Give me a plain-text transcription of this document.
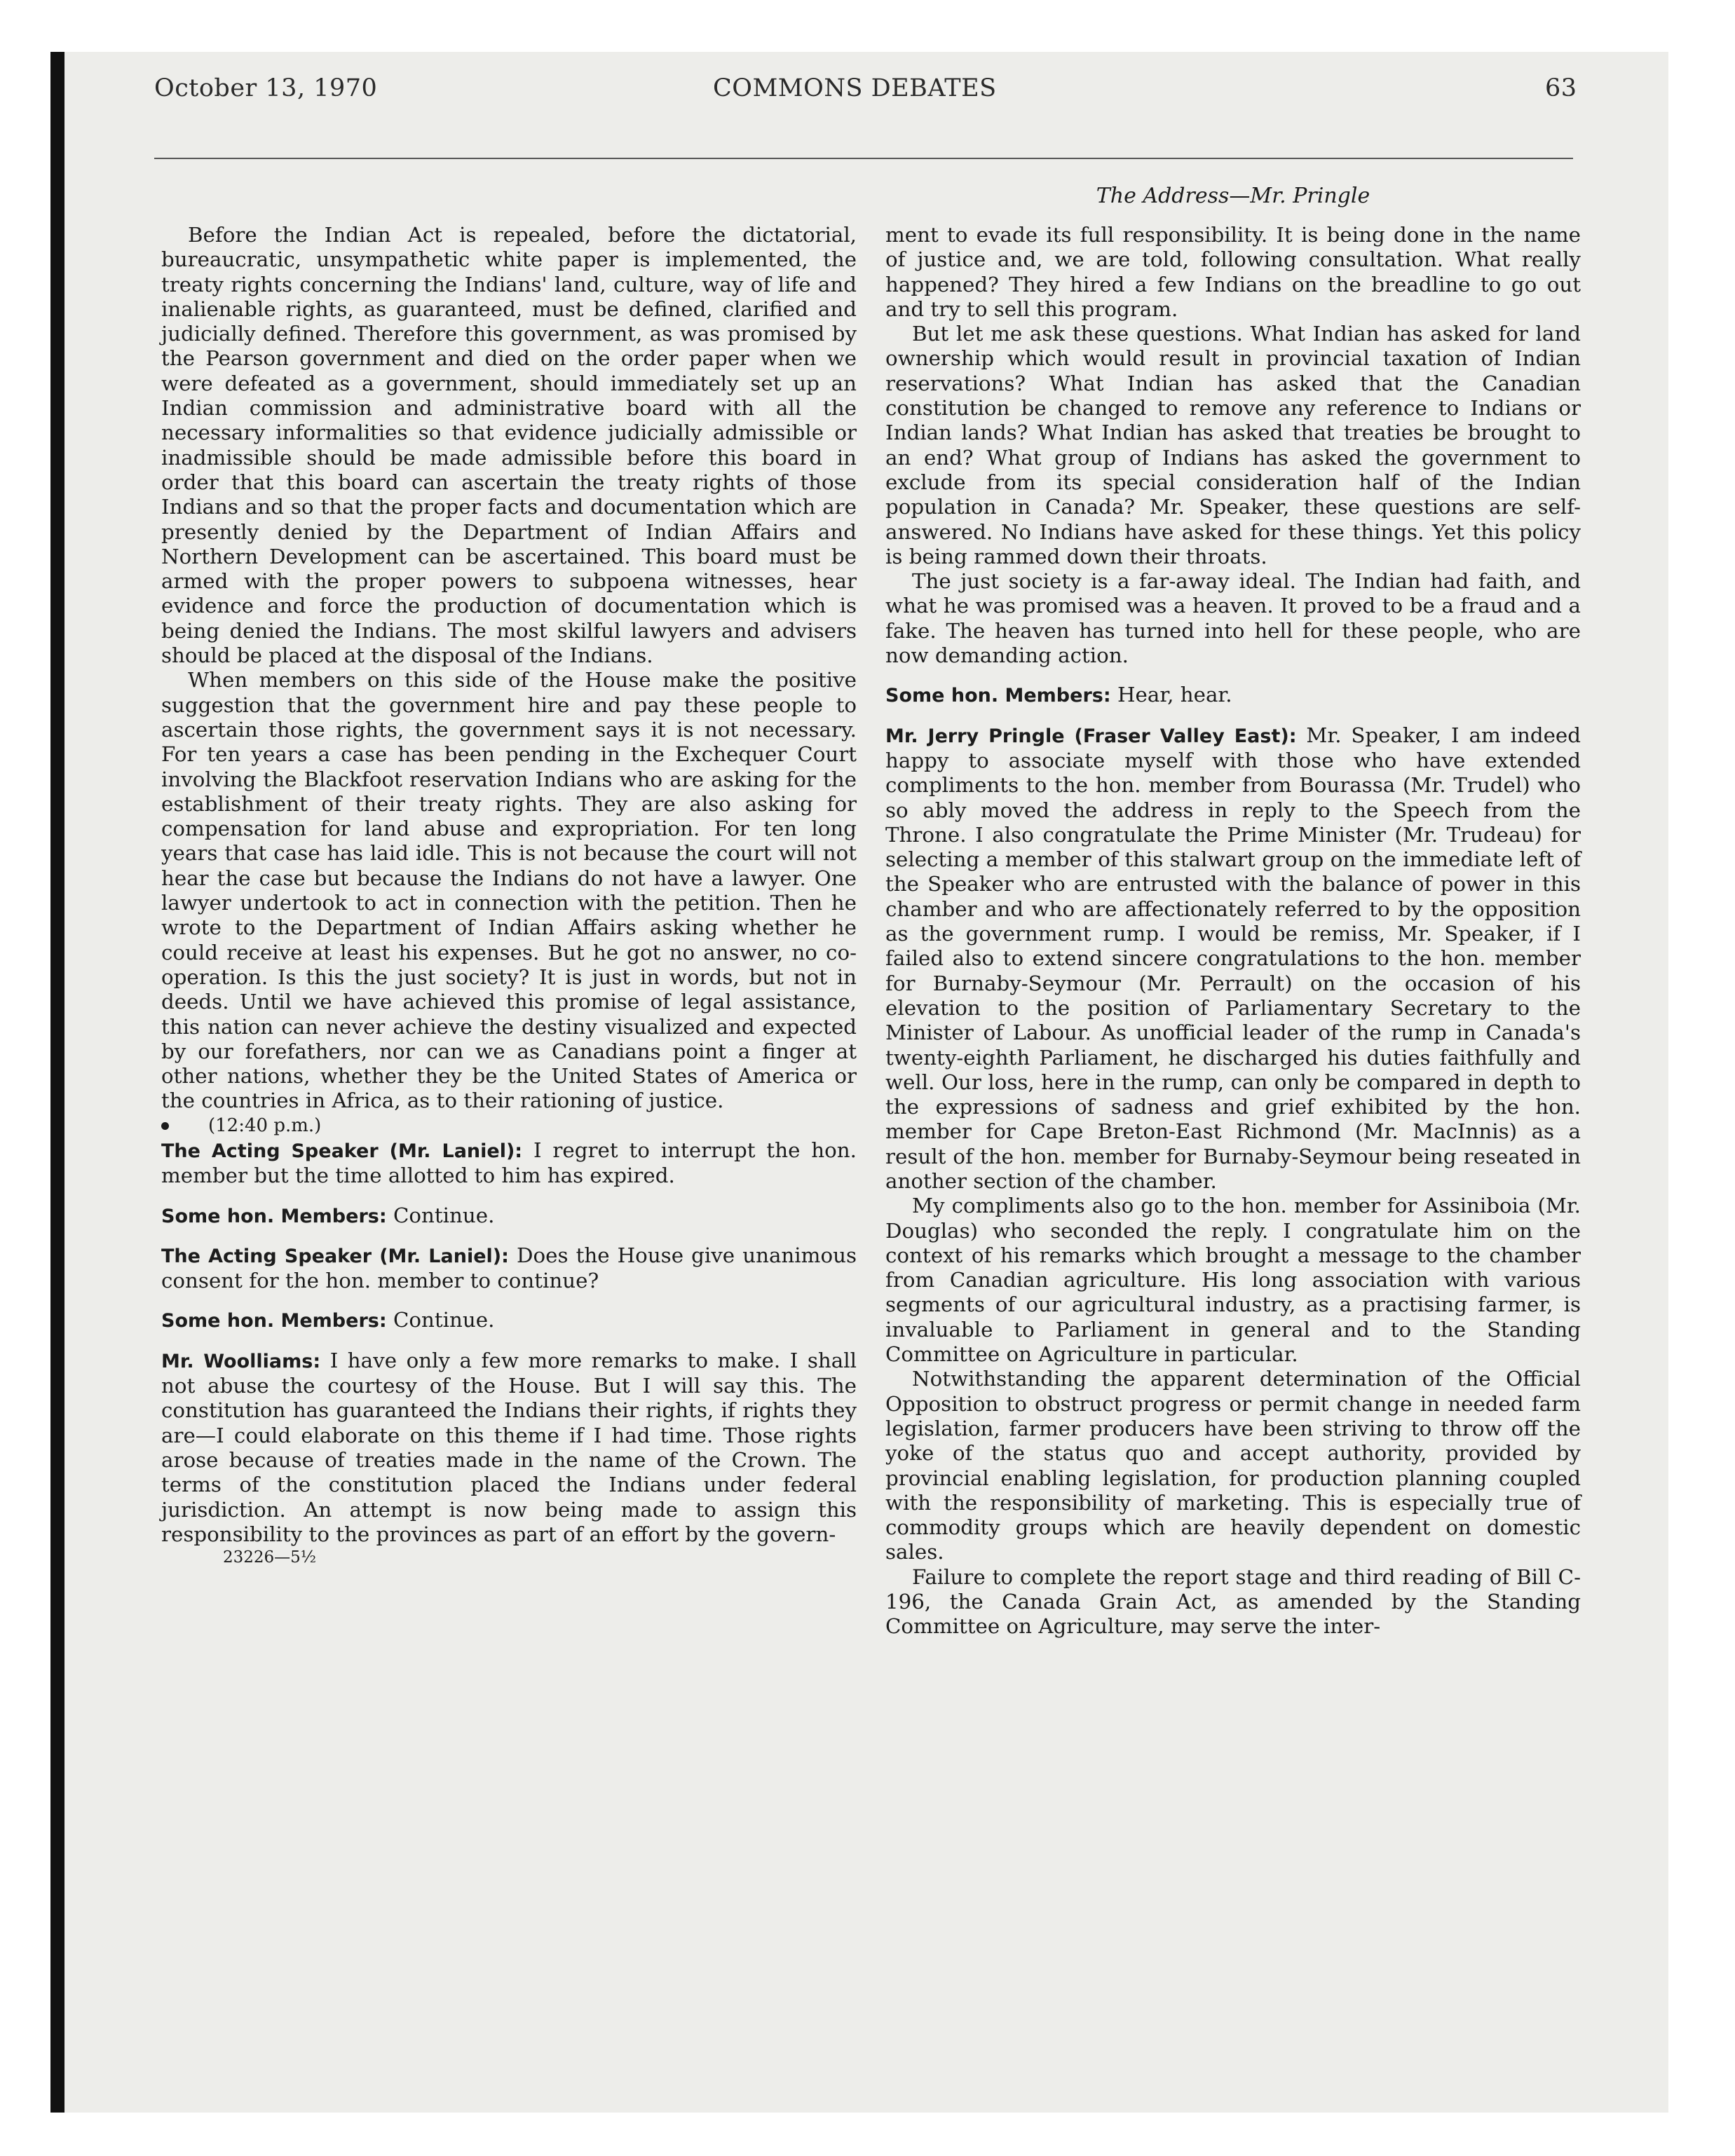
October 13, 1970	COMMONS DEBATES	63

Before the Indian Act is repealed, before the dictatorial, bureaucratic, unsympathetic white paper is implemented, the treaty rights concerning the Indians' land, culture, way of life and inalienable rights, as guaranteed, must be defined, clarified and judicially defined. Therefore this government, as was promised by the Pearson government and died on the order paper when we were defeated as a government, should immediately set up an Indian commission and administrative board with all the necessary informalities so that evidence judicially admissible or inadmissible should be made admissible before this board in order that this board can ascertain the treaty rights of those Indians and so that the proper facts and documentation which are presently denied by the Department of Indian Affairs and Northern Development can be ascertained. This board must be armed with the proper powers to subpoena witnesses, hear evidence and force the production of documentation which is being denied the Indians. The most skilful lawyers and advisers should be placed at the disposal of the Indians.

When members on this side of the House make the positive suggestion that the government hire and pay these people to ascertain those rights, the government says it is not necessary. For ten years a case has been pending in the Exchequer Court involving the Blackfoot reservation Indians who are asking for the establishment of their treaty rights. They are also asking for compensation for land abuse and expropriation. For ten long years that case has laid idle. This is not because the court will not hear the case but because the Indians do not have a lawyer. One lawyer undertook to act in connection with the petition. Then he wrote to the Department of Indian Affairs asking whether he could receive at least his expenses. But he got no answer, no co-operation. Is this the just society? It is just in words, but not in deeds. Until we have achieved this promise of legal assistance, this nation can never achieve the destiny visualized and expected by our forefathers, nor can we as Canadians point a finger at other nations, whether they be the United States of America or the countries in Africa, as to their rationing of justice.

(12:40 p.m.)

The Acting Speaker (Mr. Laniel): I regret to interrupt the hon. member but the time allotted to him has expired.

Some hon. Members: Continue.

The Acting Speaker (Mr. Laniel): Does the House give unanimous consent for the hon. member to continue?

Some hon. Members: Continue.

Mr. Woolliams: I have only a few more remarks to make. I shall not abuse the courtesy of the House. But I will say this. The constitution has guaranteed the Indians their rights, if rights they are—I could elaborate on this theme if I had time. Those rights arose because of treaties made in the name of the Crown. The terms of the constitution placed the Indians under federal jurisdiction. An attempt is now being made to assign this responsibility to the provinces as part of an effort by the govern-

23226—5½

The Address—Mr. Pringle

ment to evade its full responsibility. It is being done in the name of justice and, we are told, following consultation. What really happened? They hired a few Indians on the breadline to go out and try to sell this program.

But let me ask these questions. What Indian has asked for land ownership which would result in provincial taxation of Indian reservations? What Indian has asked that the Canadian constitution be changed to remove any reference to Indians or Indian lands? What Indian has asked that treaties be brought to an end? What group of Indians has asked the government to exclude from its special consideration half of the Indian population in Canada? Mr. Speaker, these questions are self-answered. No Indians have asked for these things. Yet this policy is being rammed down their throats.

The just society is a far-away ideal. The Indian had faith, and what he was promised was a heaven. It proved to be a fraud and a fake. The heaven has turned into hell for these people, who are now demanding action.

Some hon. Members: Hear, hear.

Mr. Jerry Pringle (Fraser Valley East): Mr. Speaker, I am indeed happy to associate myself with those who have extended compliments to the hon. member from Bourassa (Mr. Trudel) who so ably moved the address in reply to the Speech from the Throne. I also congratulate the Prime Minister (Mr. Trudeau) for selecting a member of this stalwart group on the immediate left of the Speaker who are entrusted with the balance of power in this chamber and who are affectionately referred to by the opposition as the government rump. I would be remiss, Mr. Speaker, if I failed also to extend sincere congratulations to the hon. member for Burnaby-Seymour (Mr. Perrault) on the occasion of his elevation to the position of Parliamentary Secretary to the Minister of Labour. As unofficial leader of the rump in Canada's twenty-eighth Parliament, he discharged his duties faithfully and well. Our loss, here in the rump, can only be compared in depth to the expressions of sadness and grief exhibited by the hon. member for Cape Breton-East Richmond (Mr. MacInnis) as a result of the hon. member for Burnaby-Seymour being reseated in another section of the chamber.

My compliments also go to the hon. member for Assiniboia (Mr. Douglas) who seconded the reply. I congratulate him on the context of his remarks which brought a message to the chamber from Canadian agriculture. His long association with various segments of our agricultural industry, as a practising farmer, is invaluable to Parliament in general and to the Standing Committee on Agriculture in particular.

Notwithstanding the apparent determination of the Official Opposition to obstruct progress or permit change in needed farm legislation, farmer producers have been striving to throw off the yoke of the status quo and accept authority, provided by provincial enabling legislation, for production planning coupled with the responsibility of marketing. This is especially true of commodity groups which are heavily dependent on domestic sales.

Failure to complete the report stage and third reading of Bill C-196, the Canada Grain Act, as amended by the Standing Committee on Agriculture, may serve the inter-
